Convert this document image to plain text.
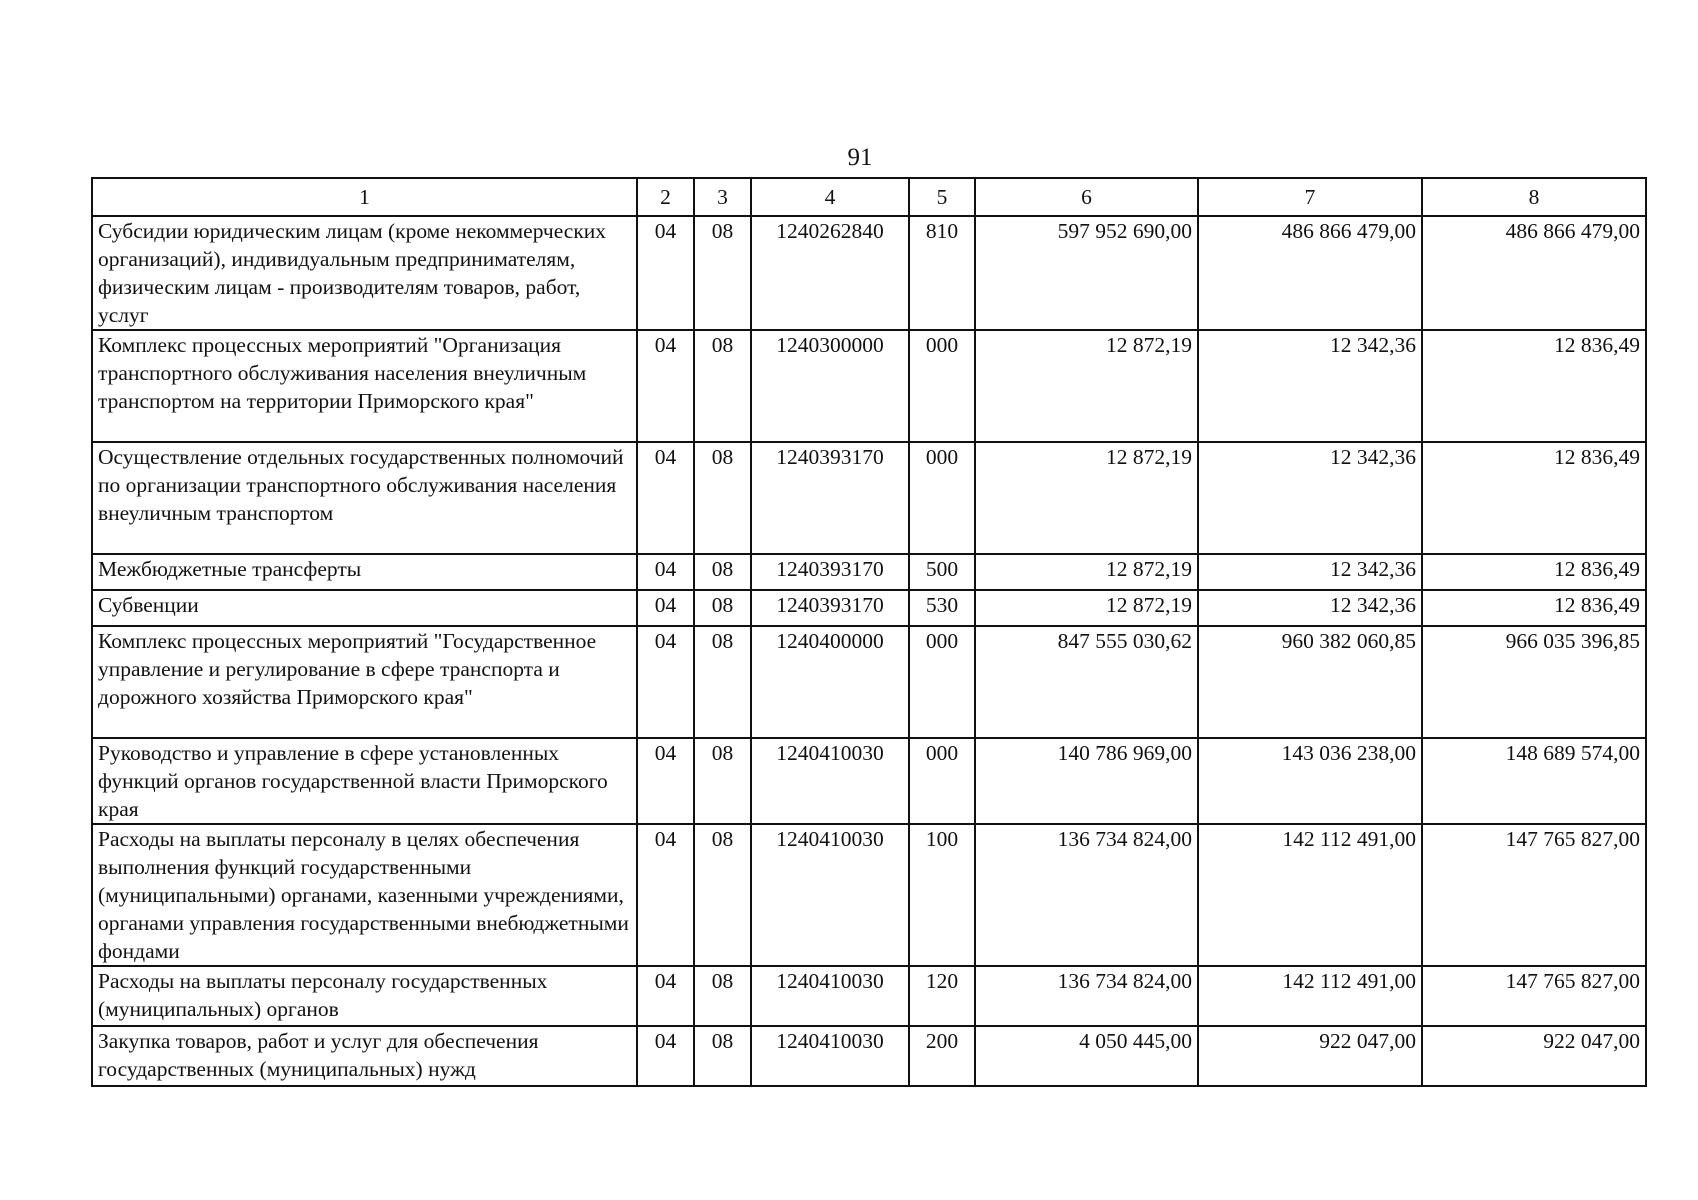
91
1	2	3	4	5	6	7	8
Субсидии юридическим лицам (кроме некоммерческих организаций), индивидуальным предпринимателям, физическим лицам - производителям товаров, работ, услуг	04	08	1240262840	810	597 952 690,00	486 866 479,00	486 866 479,00
Комплекс процессных мероприятий "Организация транспортного обслуживания населения внеуличным транспортом на территории Приморского края"	04	08	1240300000	000	12 872,19	12 342,36	12 836,49
Осуществление отдельных государственных полномочий по организации транспортного обслуживания населения внеуличным транспортом	04	08	1240393170	000	12 872,19	12 342,36	12 836,49
Межбюджетные трансферты	04	08	1240393170	500	12 872,19	12 342,36	12 836,49
Субвенции	04	08	1240393170	530	12 872,19	12 342,36	12 836,49
Комплекс процессных мероприятий "Государственное управление и регулирование в сфере транспорта и дорожного хозяйства Приморского края"	04	08	1240400000	000	847 555 030,62	960 382 060,85	966 035 396,85
Руководство и управление в сфере установленных функций органов государственной власти Приморского края	04	08	1240410030	000	140 786 969,00	143 036 238,00	148 689 574,00
Расходы на выплаты персоналу в целях обеспечения выполнения функций государственными (муниципальными) органами, казенными учреждениями, органами управления государственными внебюджетными фондами	04	08	1240410030	100	136 734 824,00	142 112 491,00	147 765 827,00
Расходы на выплаты персоналу государственных (муниципальных) органов	04	08	1240410030	120	136 734 824,00	142 112 491,00	147 765 827,00
Закупка товаров, работ и услуг для обеспечения государственных (муниципальных) нужд	04	08	1240410030	200	4 050 445,00	922 047,00	922 047,00
